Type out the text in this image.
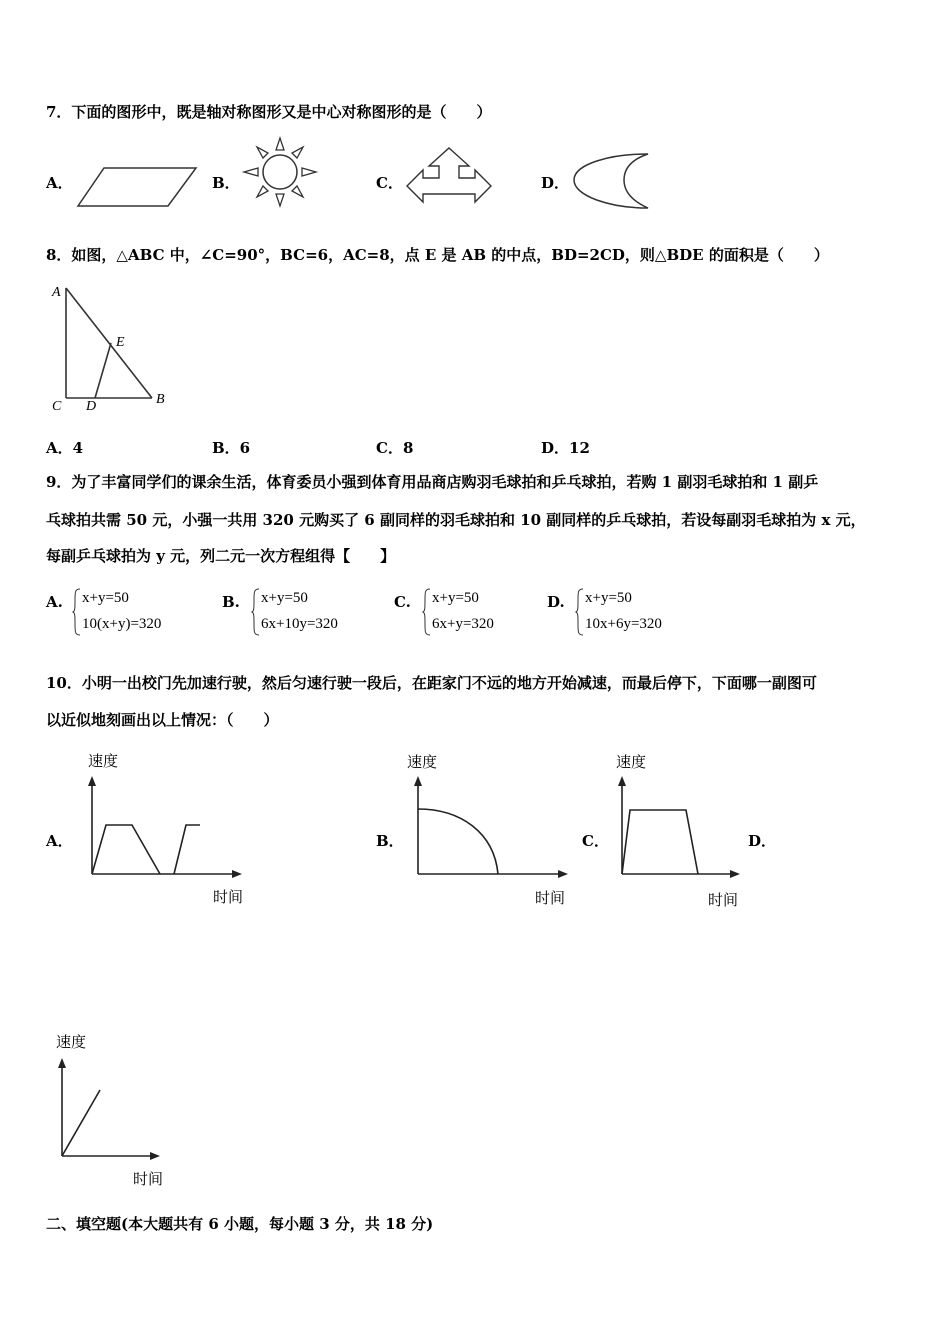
7．下面的图形中，既是轴对称图形又是中心对称图形的是（　　）
A．	B．	C．	D．
8．如图，△ABC 中，∠C=90°，BC=6，AC=8，点 E 是 AB 的中点，BD=2CD，则△BDE 的面积是（　　）
A
B
C D
E
A．4	B．6	C．8	D．12
9．为了丰富同学们的课余生活，体育委员小强到体育用品商店购羽毛球拍和乒乓球拍，若购 1 副羽毛球拍和 1 副乒
乓球拍共需 50 元，小强一共用 320 元购买了 6 副同样的羽毛球拍和 10 副同样的乒乓球拍，若设每副羽毛球拍为 x 元，
每副乒乓球拍为 y 元，列二元一次方程组得【　　】
A. x+y=50
10(x+y)=320
B. x+y=50
6x+10y=320
C. x+y=50
6x+y=320
D. x+y=50
10x+6y=320
10．小明一出校门先加速行驶，然后匀速行驶一段后，在距家门不远的地方开始减速，而最后停下，下面哪一副图可
以近似地刻画出以上情况：（　　）
速度
A．
时间
速度
B．
时间
速度
C．
时间
D．
速度
时间
二、填空题(本大题共有 6 小题，每小题 3 分，共 18 分)
